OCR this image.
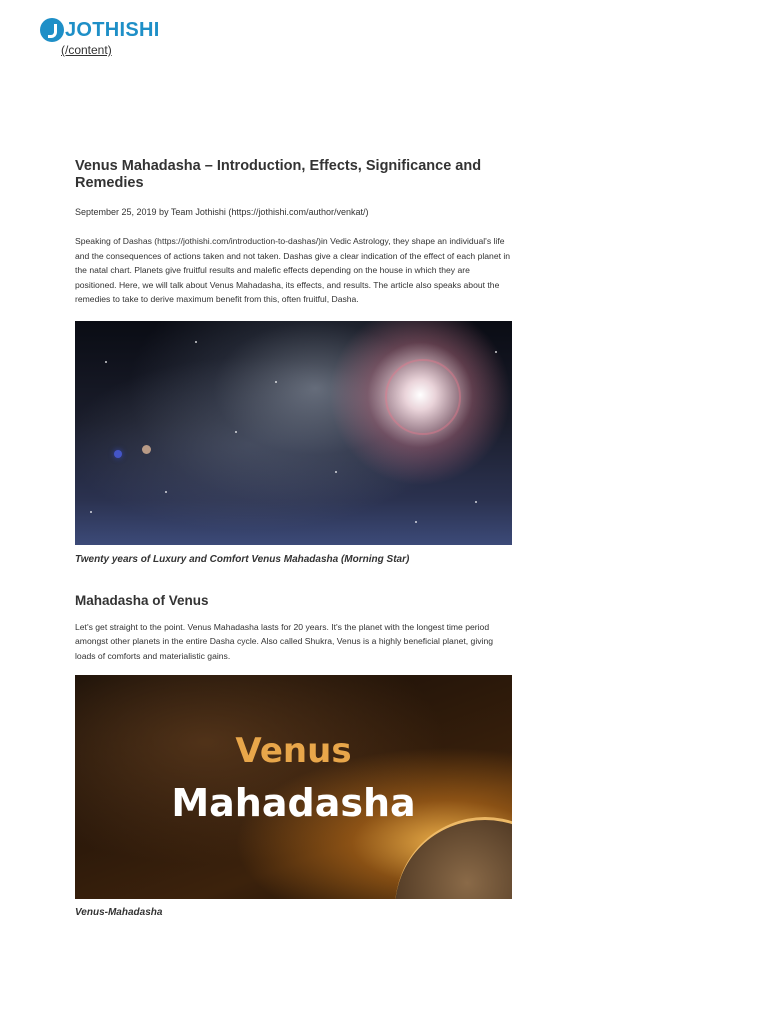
JOTHISHI
(/content)
Venus Mahadasha – Introduction, Effects, Significance and Remedies
September 25, 2019 by Team Jothishi (https://jothishi.com/author/venkat/)
Speaking of Dashas (https://jothishi.com/introduction-to-dashas/)in Vedic Astrology, they shape an individual's life and the consequences of actions taken and not taken. Dashas give a clear indication of the effect of each planet in the natal chart. Planets give fruitful results and malefic effects depending on the house in which they are positioned. Here, we will talk about Venus Mahadasha, its effects, and results. The article also speaks about the remedies to take to derive maximum benefit from this, often fruitful, Dasha.
Twenty years of Luxury and Comfort Venus Mahadasha (Morning Star)
Mahadasha of Venus
Let's get straight to the point. Venus Mahadasha lasts for 20 years. It's the planet with the longest time period amongst other planets in the entire Dasha cycle. Also called Shukra, Venus is a highly beneficial planet, giving loads of comforts and materialistic gains.
Venus
Mahadasha
Venus-Mahadasha
